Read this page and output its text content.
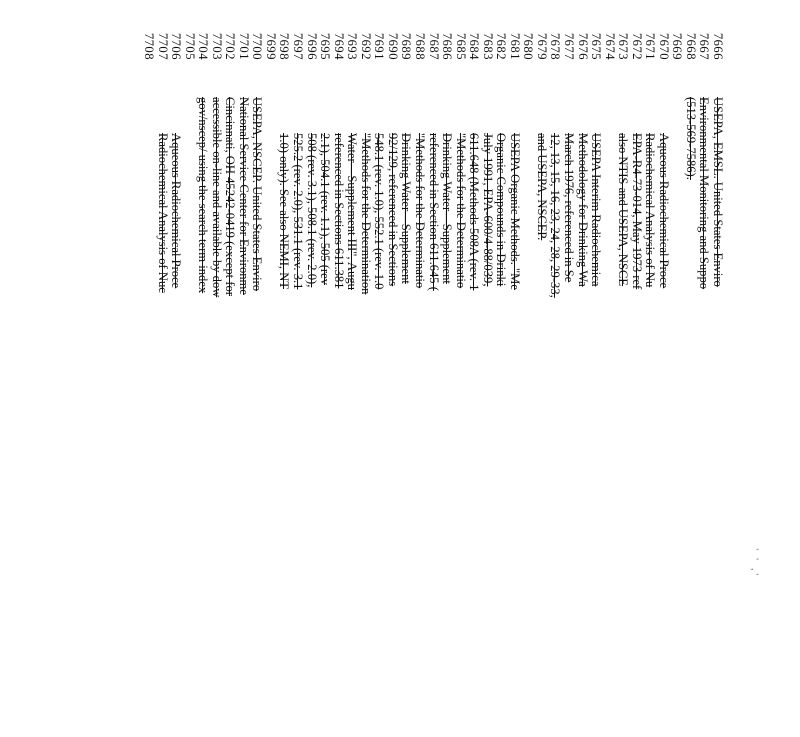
' ' ,'
7666
7667
7668
7669
7670
7671
7672
7673
7674
7675
7676
7677
7678
7679
7680
7681
7682
7683
7684
7685
7686
7687
7688
7689
7690
7691
7692
7693
7694
7695
7696
7697
7698
7699
7700
7701
7702
7703
7704
7705
7706
7707
7708
USEPA, EMSL. United States Enviro
Environmental Monitoring and Suppo
(513-569-7586).
Aqueous Radiochemical Proce
Radiochemical Analysis of Nu
EPA-R4-73-014, May 1973 ref
also NTIS and USEPA, NSCE
USEPA Interim Radiochemica
Methodology for Drinking Wa
March 1976, referenced in Se
12, 13, 15, 16, 23, 24, 28, 29-33,
and USEPA, NSCEP.
USEPA Organic Methods. "Me
Organic Compounds in Drinki
July 1991, EPA-600/4-88/039,
611.648 (Methods 508A (rev. 1
"Methods for the Determinatio
Drinking Water—Supplement
referenced in Section 611.645 (
"Methods for the Determinatio
Drinking Water—Supplement
92/129, referenced in Sections
548.1 (rev. 1.0), 552.1 (rev. 1.0
"Methods for the Determination
Water—Supplement III", Augu
referenced in Sections 611.381
2.1), 504.1 (rev. 1.1), 505 (rev
508 (rev. 3.1), 508.1 (rev. 2.0),
525.2 (rev. 2.0), 531.1 (rev. 3.1
1.0) only). See also NEMI, NT
USEPA, NSCEP. United States Enviro
National Service Center for Environme
Cincinnati, OH 45242-0419 (except for
accessible on-line and available by dow
gov/nscep/ using the search term index
Aqueous Radiochemical Proce
Radiochemical Analysis of Nuc
